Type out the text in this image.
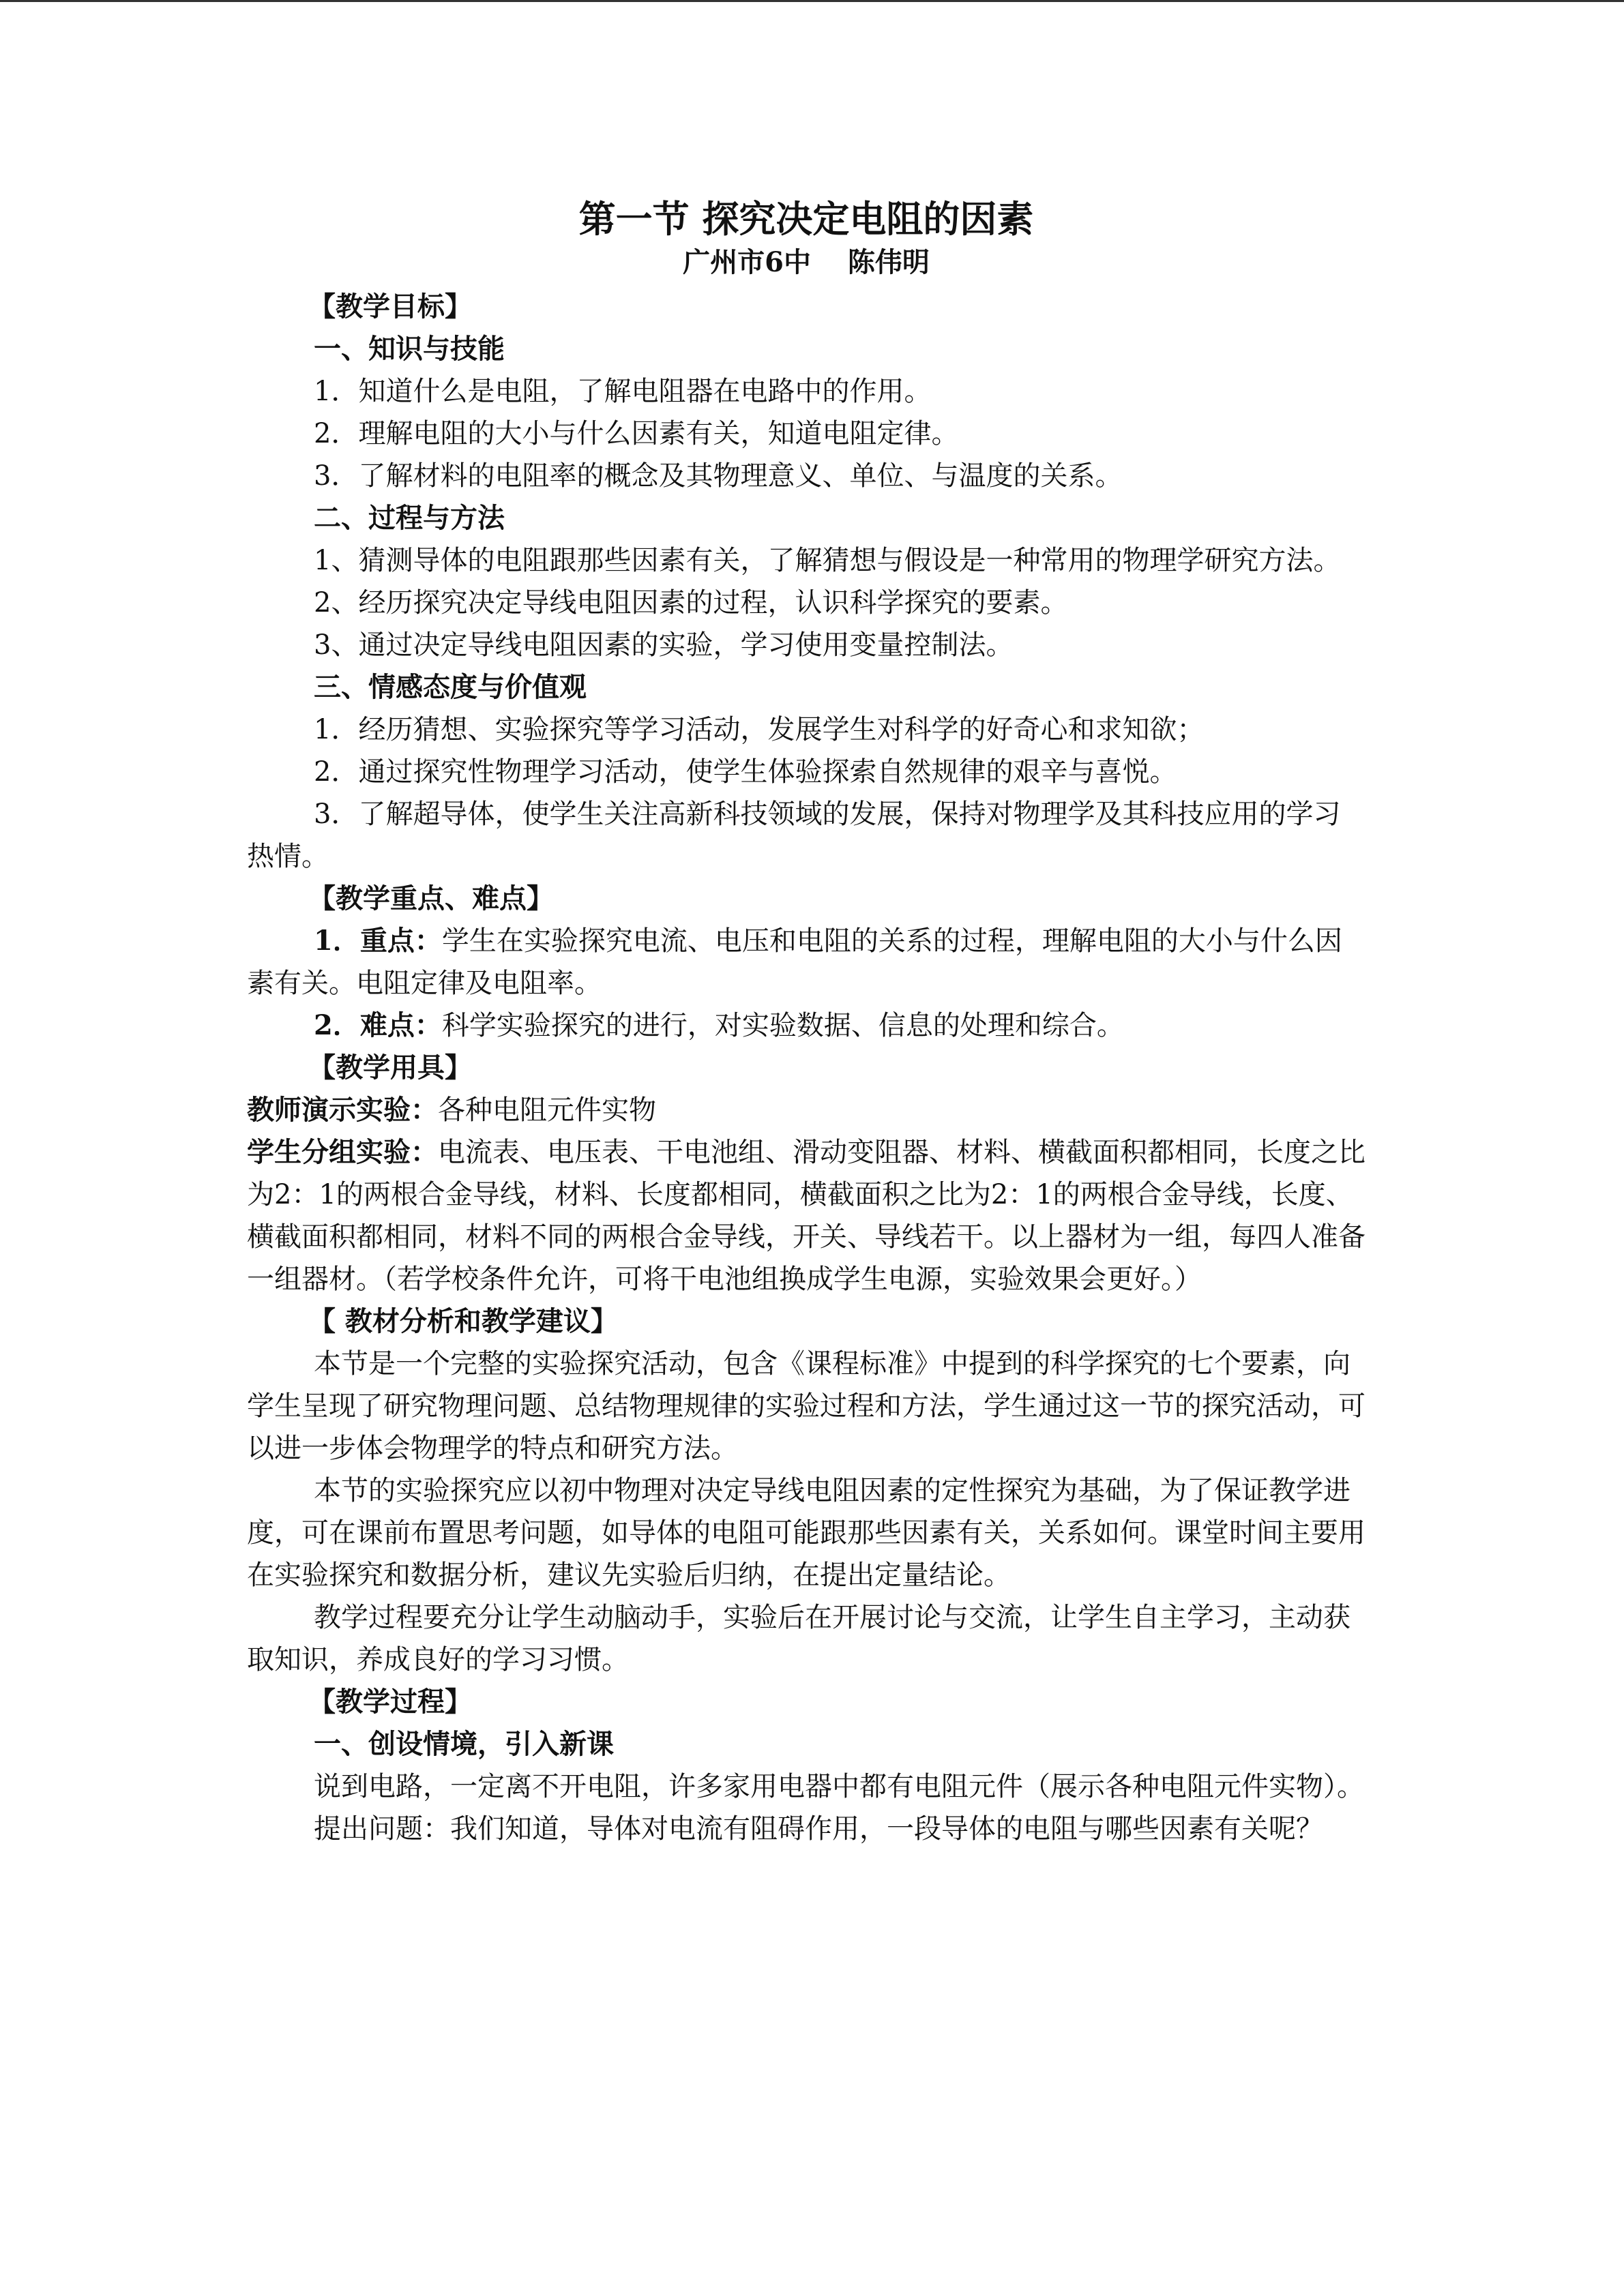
第一节 探究决定电阻的因素

广州市6中　 陈伟明

【教学目标】

一、知识与技能

1．知道什么是电阻，了解电阻器在电路中的作用。

2．理解电阻的大小与什么因素有关，知道电阻定律。

3．了解材料的电阻率的概念及其物理意义、单位、与温度的关系。

二、过程与方法

1、猜测导体的电阻跟那些因素有关，了解猜想与假设是一种常用的物理学研究方法。

2、经历探究决定导线电阻因素的过程，认识科学探究的要素。

3、通过决定导线电阻因素的实验，学习使用变量控制法。

三、情感态度与价值观

1．经历猜想、实验探究等学习活动，发展学生对科学的好奇心和求知欲；

2．通过探究性物理学习活动，使学生体验探索自然规律的艰辛与喜悦。

3．了解超导体，使学生关注高新科技领域的发展，保持对物理学及其科技应用的学习热情。

【教学重点、难点】

1．重点：学生在实验探究电流、电压和电阻的关系的过程，理解电阻的大小与什么因素有关。电阻定律及电阻率。

2．难点：科学实验探究的进行，对实验数据、信息的处理和综合。

【教学用具】

教师演示实验：各种电阻元件实物

学生分组实验：电流表、电压表、干电池组、滑动变阻器、材料、横截面积都相同，长度之比为2：1的两根合金导线，材料、长度都相同，横截面积之比为2：1的两根合金导线，长度、横截面积都相同，材料不同的两根合金导线，开关、导线若干。以上器材为一组，每四人准备一组器材。（若学校条件允许，可将干电池组换成学生电源，实验效果会更好。）

【 教材分析和教学建议】

本节是一个完整的实验探究活动，包含《课程标准》中提到的科学探究的七个要素，向学生呈现了研究物理问题、总结物理规律的实验过程和方法，学生通过这一节的探究活动，可以进一步体会物理学的特点和研究方法。

本节的实验探究应以初中物理对决定导线电阻因素的定性探究为基础，为了保证教学进度，可在课前布置思考问题，如导体的电阻可能跟那些因素有关，关系如何。课堂时间主要用在实验探究和数据分析，建议先实验后归纳，在提出定量结论。

教学过程要充分让学生动脑动手，实验后在开展讨论与交流，让学生自主学习，主动获取知识，养成良好的学习习惯。

【教学过程】

一、创设情境，引入新课

说到电路，一定离不开电阻，许多家用电器中都有电阻元件（展示各种电阻元件实物）。

提出问题：我们知道，导体对电流有阻碍作用，一段导体的电阻与哪些因素有关呢？
